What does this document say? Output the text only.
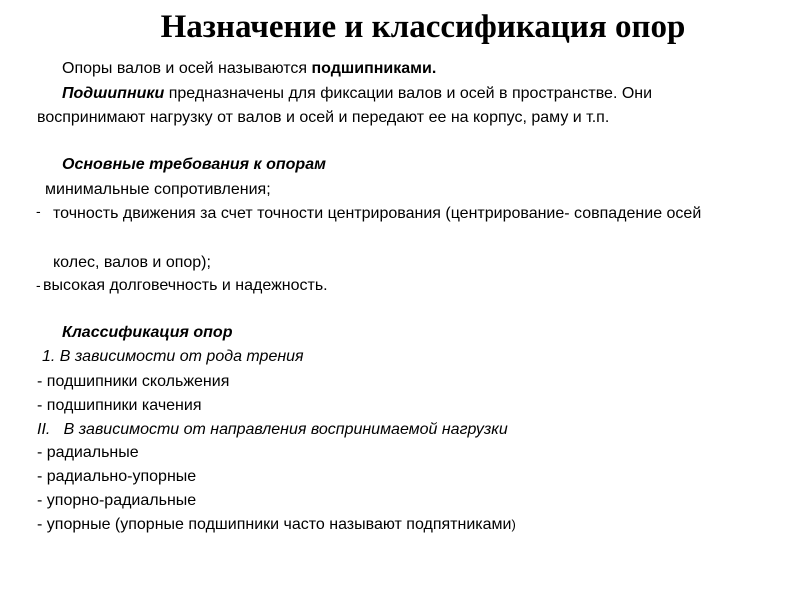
Назначение и классификация опор
Опоры валов и осей называются подшипниками.
Подшипники предназначены для фиксации валов и осей в пространстве. Они
воспринимают нагрузку от валов и осей и передают ее на корпус, раму и т.п.
Основные требования к опорам
минимальные сопротивления;
- точность движения за счет точности центрирования (центрирование- совпадение осей
колес, валов и опор);
- высокая долговечность и надежность.
Классификация опор
1. В зависимости от рода трения
- подшипники скольжения
- подшипники качения
II.   В зависимости от направления воспринимаемой нагрузки
- радиальные
- радиально-упорные
- упорно-радиальные
- упорные (упорные подшипники часто называют подпятниками)
